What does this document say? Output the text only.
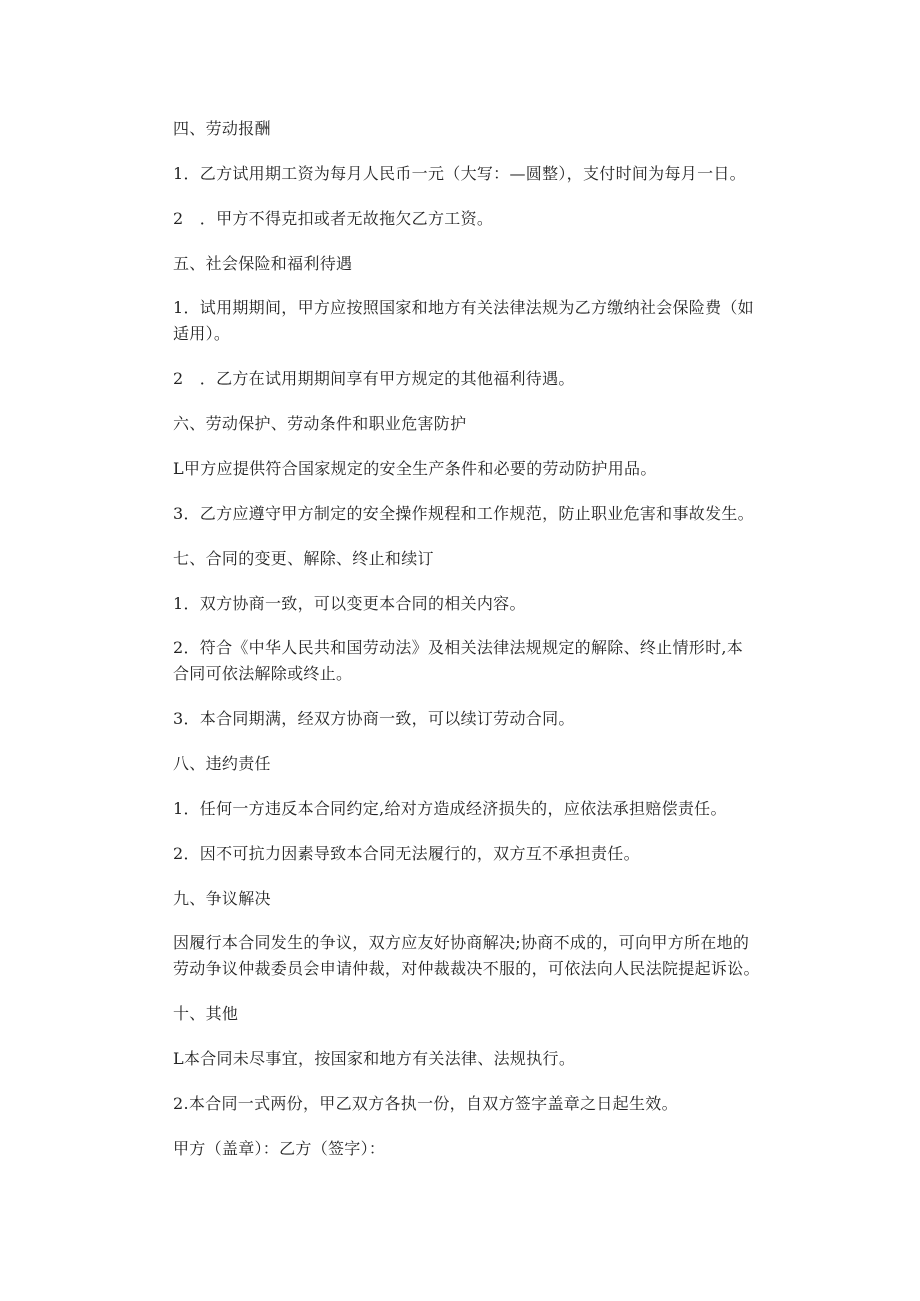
四、劳动报酬
1．乙方试用期工资为每月人民币一元（大写：—圆整），支付时间为每月一日。
2　．甲方不得克扣或者无故拖欠乙方工资。
五、社会保险和福利待遇
1．试用期期间，甲方应按照国家和地方有关法律法规为乙方缴纳社会保险费（如
适用）。
2　．乙方在试用期期间享有甲方规定的其他福利待遇。
六、劳动保护、劳动条件和职业危害防护
L甲方应提供符合国家规定的安全生产条件和必要的劳动防护用品。
3．乙方应遵守甲方制定的安全操作规程和工作规范，防止职业危害和事故发生。
七、合同的变更、解除、终止和续订
1．双方协商一致，可以变更本合同的相关内容。
2．符合《中华人民共和国劳动法》及相关法律法规规定的解除、终止情形时,本
合同可依法解除或终止。
3．本合同期满，经双方协商一致，可以续订劳动合同。
八、违约责任
1．任何一方违反本合同约定,给对方造成经济损失的，应依法承担赔偿责任。
2．因不可抗力因素导致本合同无法履行的，双方互不承担责任。
九、争议解决
因履行本合同发生的争议，双方应友好协商解决;协商不成的，可向甲方所在地的
劳动争议仲裁委员会申请仲裁，对仲裁裁决不服的，可依法向人民法院提起诉讼。
十、其他
L本合同未尽事宜，按国家和地方有关法律、法规执行。
2.本合同一式两份，甲乙双方各执一份，自双方签字盖章之日起生效。
甲方（盖章）：乙方（签字）：
